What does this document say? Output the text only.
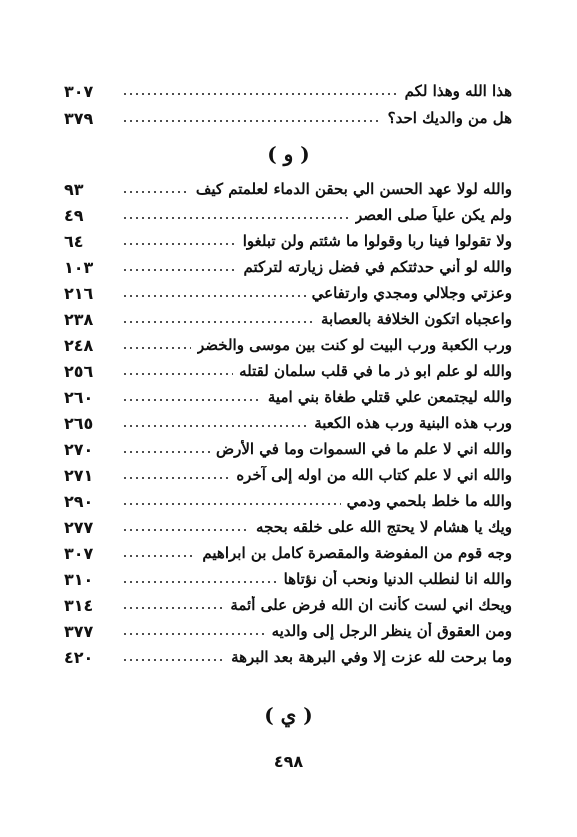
هذا الله وهذا لكم
٣٠٧
هل من والديك احد؟
٣٧٩
( و )
والله لولا عهد الحسن الي بحقن الدماء لعلمتم كيف
٩٣
ولم يكن علياً صلى العصر
٤٩
ولا تقولوا فينا ربا وقولوا ما شئتم ولن تبلغوا
٦٤
والله لو أني حدثتكم في فضل زيارته لتركتم
١٠٣
وعزتي وجلالي ومجدي وارتفاعي
٢١٦
واعجباه اتكون الخلافة بالعصابة
٢٣٨
ورب الكعبة ورب البيت لو كنت بين موسى والخضر
٢٤٨
والله لو علم ابو ذر ما في قلب سلمان لقتله
٢٥٦
والله ليجتمعن علي قتلي طغاة بني امية
٢٦٠
ورب هذه البنية ورب هذه الكعبة
٢٦٥
والله اني لا علم ما في السموات وما في الأرض
٢٧٠
والله اني لا علم كتاب الله من اوله إلى آخره
٢٧١
والله ما خلط بلحمي ودمي
٢٩٠
ويك يا هشام لا يحتج الله على خلقه بحجه
٢٧٧
وجه قوم من المفوضة والمقصرة كامل بن ابراهيم
٣٠٧
والله انا لنطلب الدنيا ونحب أن نؤتاها
٣١٠
ويحك اني لست كأنت ان الله فرض على أئمة
٣١٤
ومن العقوق أن ينظر الرجل إلى والديه
٣٧٧
وما برحت لله عزت إلا وفي البرهة بعد البرهة
٤٢٠
( ي )
٤٩٨
